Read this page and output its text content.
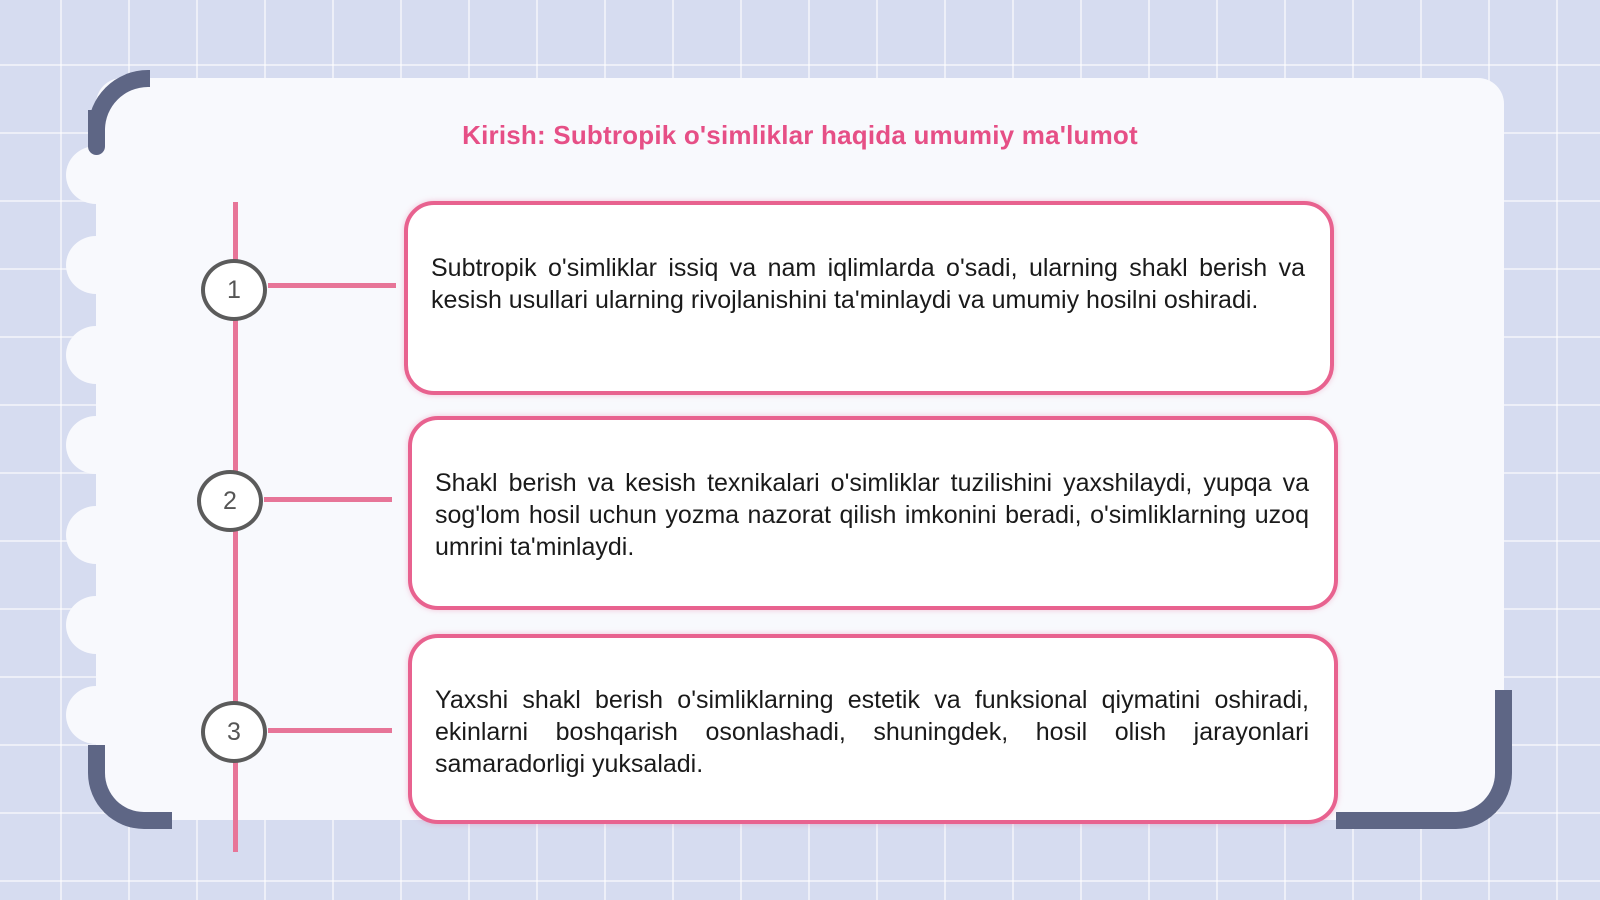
Kirish: Subtropik o'simliklar haqida umumiy ma'lumot
1
2
3
Subtropik o'simliklar issiq va nam iqlimlarda o'sadi, ularning shakl berish va kesish usullari ularning rivojlanishini ta'minlaydi va umumiy hosilni oshiradi.
Shakl berish va kesish texnikalari o'simliklar tuzilishini yaxshilaydi, yupqa va sog'lom hosil uchun yozma nazorat qilish imkonini beradi, o'simliklarning uzoq umrini ta'minlaydi.
Yaxshi shakl berish o'simliklarning estetik va funksional qiymatini oshiradi, ekinlarni boshqarish osonlashadi, shuningdek, hosil olish jarayonlari samaradorligi yuksaladi.
